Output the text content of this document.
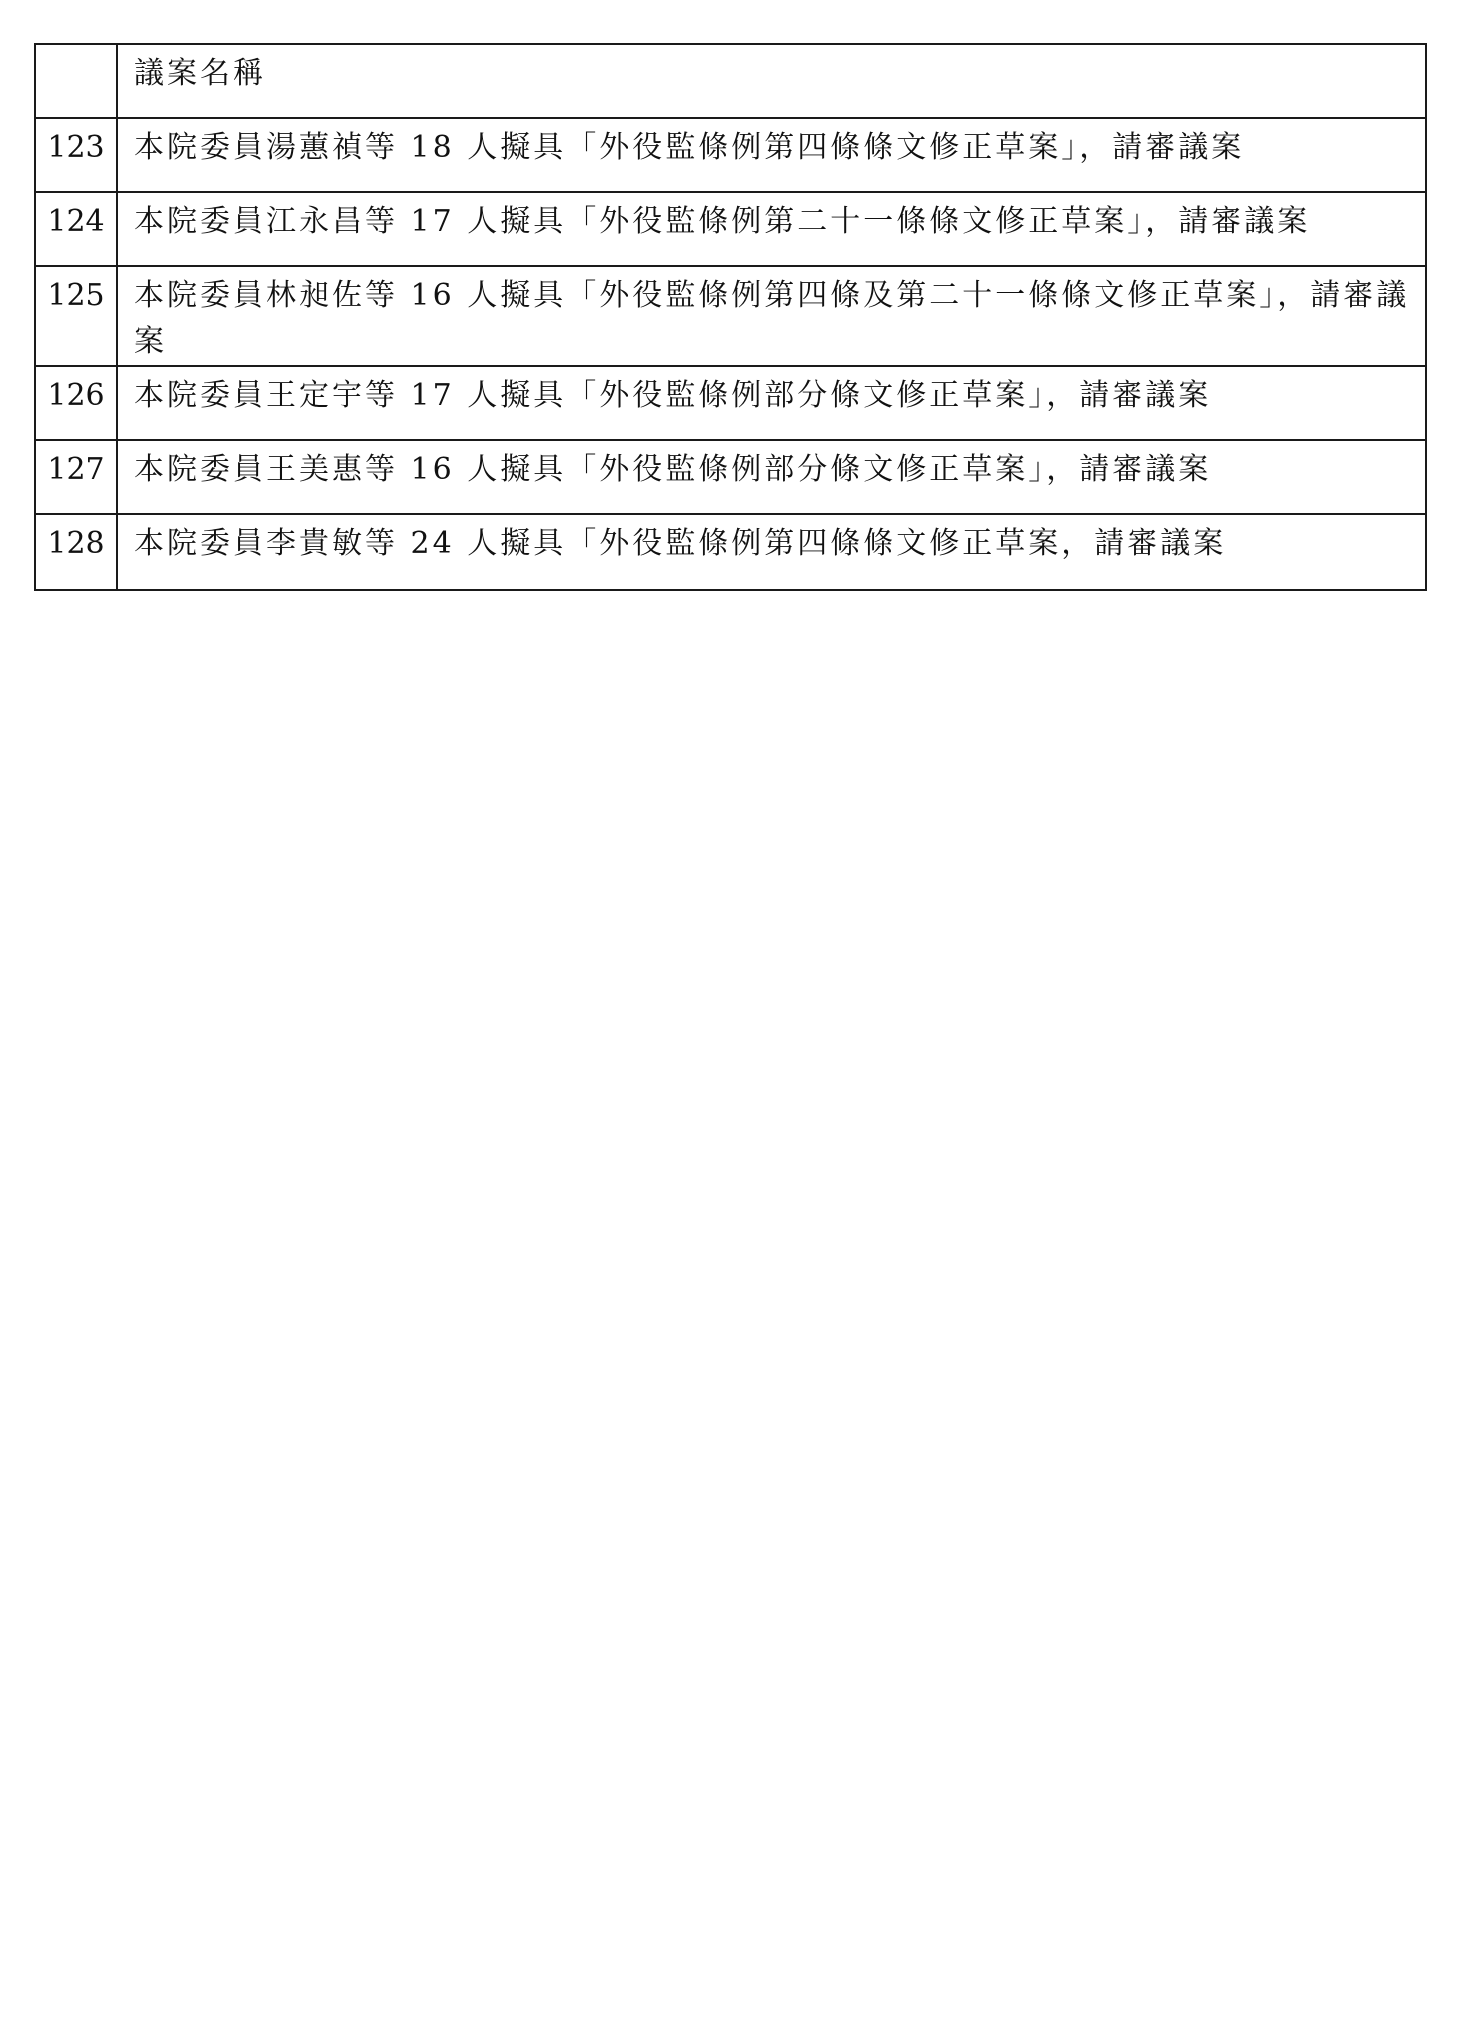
	議案名稱
123	本院委員湯蕙禎等 18 人擬具「外役監條例第四條條文修正草案」，請審議案
124	本院委員江永昌等 17 人擬具「外役監條例第二十一條條文修正草案」，請審議案
125	本院委員林昶佐等 16 人擬具「外役監條例第四條及第二十一條條文修正草案」，請審議案
126	本院委員王定宇等 17 人擬具「外役監條例部分條文修正草案」，請審議案
127	本院委員王美惠等 16 人擬具「外役監條例部分條文修正草案」，請審議案
128	本院委員李貴敏等 24 人擬具「外役監條例第四條條文修正草案，請審議案
